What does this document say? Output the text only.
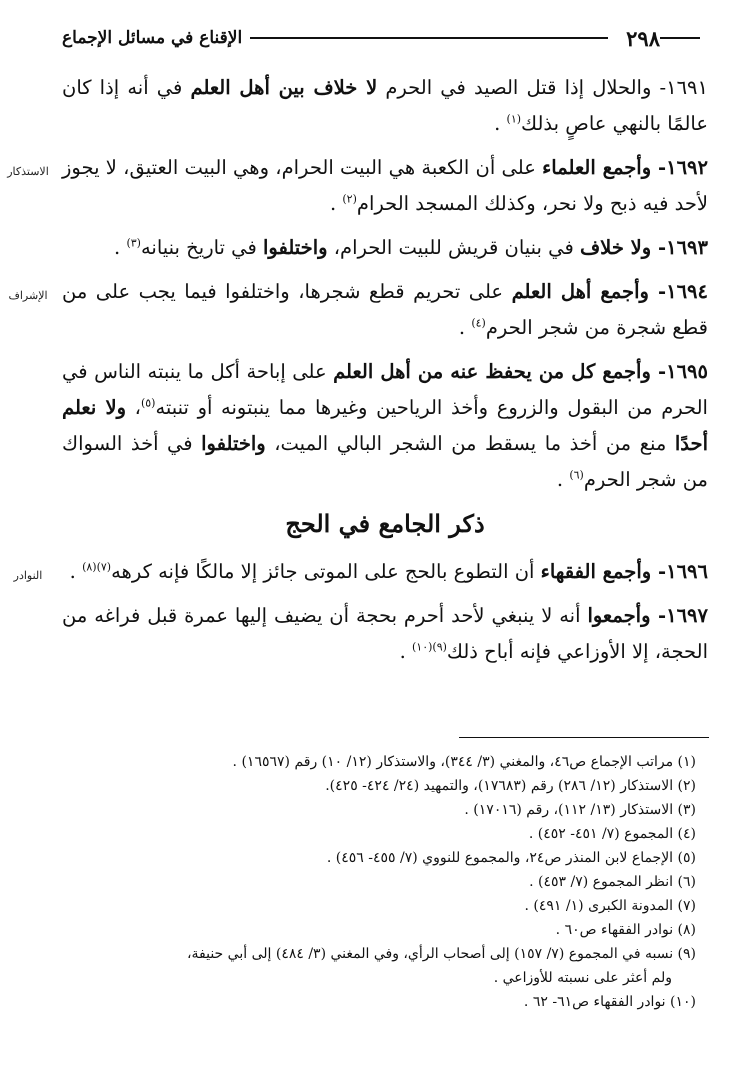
٢٩٨
الإقناع في مسائل الإجماع

١٦٩١- والحلال إذا قتل الصيد في الحرم لا خلاف بين أهل العلم في أنه إذا كان عالمًا بالنهي عاصٍ بذلك$^{(١)}$ .

الاستذكار	١٦٩٢- وأجمع العلماء على أن الكعبة هي البيت الحرام، وهي البيت العتيق، لا يجوز لأحد فيه ذبح ولا نحر، وكذلك المسجد الحرام$^{(٢)}$ .

١٦٩٣- ولا خلاف في بنيان قريش للبيت الحرام، واختلفوا في تاريخ بنيانه$^{(٣)}$ .

الإشراف	١٦٩٤- وأجمع أهل العلم على تحريم قطع شجرها، واختلفوا فيما يجب على من قطع شجرة من شجر الحرم$^{(٤)}$ .

١٦٩٥- وأجمع كل من يحفظ عنه من أهل العلم على إباحة أكل ما ينبته الناس في الحرم من البقول والزروع وأخذ الرياحين وغيرها مما ينبتونه أو تنبته$^{(٥)}$، ولا نعلم أحدًا منع من أخذ ما يسقط من الشجر البالي الميت، واختلفوا في أخذ السواك من شجر الحرم$^{(٦)}$ .

ذكر الجامع في الحج

النوادر	١٦٩٦- وأجمع الفقهاء أن التطوع بالحج على الموتى جائز إلا مالكًا فإنه كرهه$^{(٧)(٨)}$ .

١٦٩٧- وأجمعوا أنه لا ينبغي لأحد أحرم بحجة أن يضيف إليها عمرة قبل فراغه من الحجة، إلا الأوزاعي فإنه أباح ذلك$^{(٩)(١٠)}$ .

(١) مراتب الإجماع ص٤٦، والمغني (٣/ ٣٤٤)، والاستذكار (١٢/ ١٠) رقم (١٦٥٦٧) .

(٢) الاستذكار (١٢/ ٢٨٦) رقم (١٧٦٨٣)، والتمهيد (٢٤/ ٤٢٤- ٤٢٥).

(٣) الاستذكار (١٣/ ١١٢)، رقم (١٧٠١٦) .

(٤) المجموع (٧/ ٤٥١- ٤٥٢) .

(٥) الإجماع لابن المنذر ص٢٤، والمجموع للنووي (٧/ ٤٥٥- ٤٥٦) .

(٦) انظر المجموع (٧/ ٤٥٣) .

(٧) المدونة الكبرى (١/ ٤٩١) .

(٨) نوادر الفقهاء ص٦٠ .

(٩) نسبه في المجموع (٧/ ١٥٧) إلى أصحاب الرأي، وفي المغني (٣/ ٤٨٤) إلى أبي حنيفة،

ولم أعثر على نسبته للأوزاعي .

(١٠) نوادر الفقهاء ص٦١- ٦٢ .
